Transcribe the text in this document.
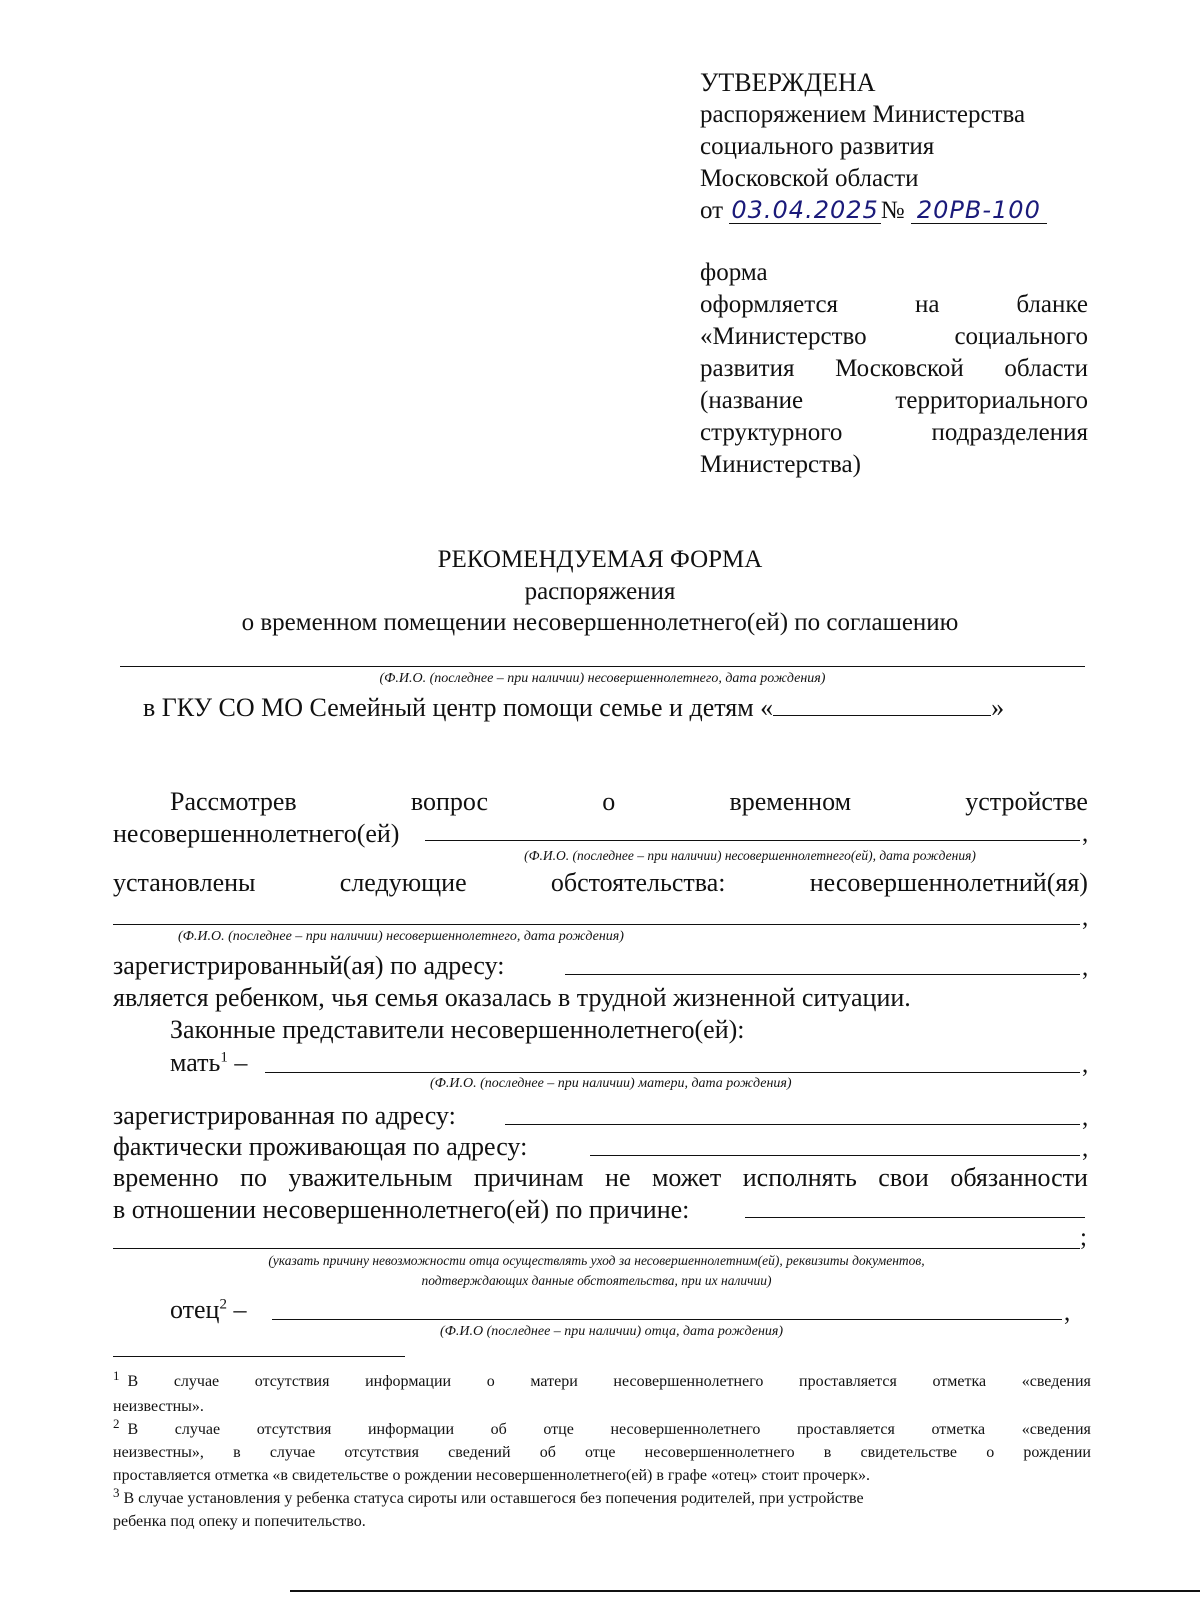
УТВЕРЖДЕНА
распоряжением Министерства
социального развития
Московской области
от 03.04.2025№ 20РВ-100
форма
оформляется	на	бланке
«Министерство	социального
развития Московской области
(название	территориального
структурного	подразделения
Министерства)
РЕКОМЕНДУЕМАЯ ФОРМА
распоряжения
о временном помещении несовершеннолетнего(ей) по соглашению
(Ф.И.О. (последнее – при наличии) несовершеннолетнего, дата рождения)
в ГКУ СО МО Семейный центр помощи семье и детям «	»
Рассмотрев	вопрос	о	временном	устройстве
несовершеннолетнего(ей)	,
(Ф.И.О. (последнее – при наличии) несовершеннолетнего(ей), дата рождения)
установлены	следующие	обстоятельства:	несовершеннолетний(яя)
,
(Ф.И.О. (последнее – при наличии) несовершеннолетнего, дата рождения)
зарегистрированный(ая) по адресу:	,
является ребенком, чья семья оказалась в трудной жизненной ситуации.
Законные представители несовершеннолетнего(ей):
мать$^1$ –	,
(Ф.И.О. (последнее – при наличии) матери, дата рождения)
зарегистрированная по адресу:	,
фактически проживающая по адресу:	,
временно по уважительным причинам не может исполнять свои обязанности
в отношении несовершеннолетнего(ей) по причине:
;
(указать причину невозможности отца осуществлять уход за несовершеннолетним(ей), реквизиты документов,
подтверждающих данные обстоятельства, при их наличии)
отец$^2$ –	,
(Ф.И.О (последнее – при наличии) отца, дата рождения)
$^1$ В случае отсутствия информации о матери несовершеннолетнего проставляется отметка «сведения
неизвестны».
$^2$ В случае отсутствия информации об отце несовершеннолетнего проставляется отметка «сведения
неизвестны», в случае отсутствия сведений об отце несовершеннолетнего в свидетельстве о рождении
проставляется отметка «в свидетельстве о рождении несовершеннолетнего(ей) в графе «отец» стоит прочерк».
$^3$ В случае установления у ребенка статуса сироты или оставшегося без попечения родителей, при устройстве
ребенка под опеку и попечительство.
